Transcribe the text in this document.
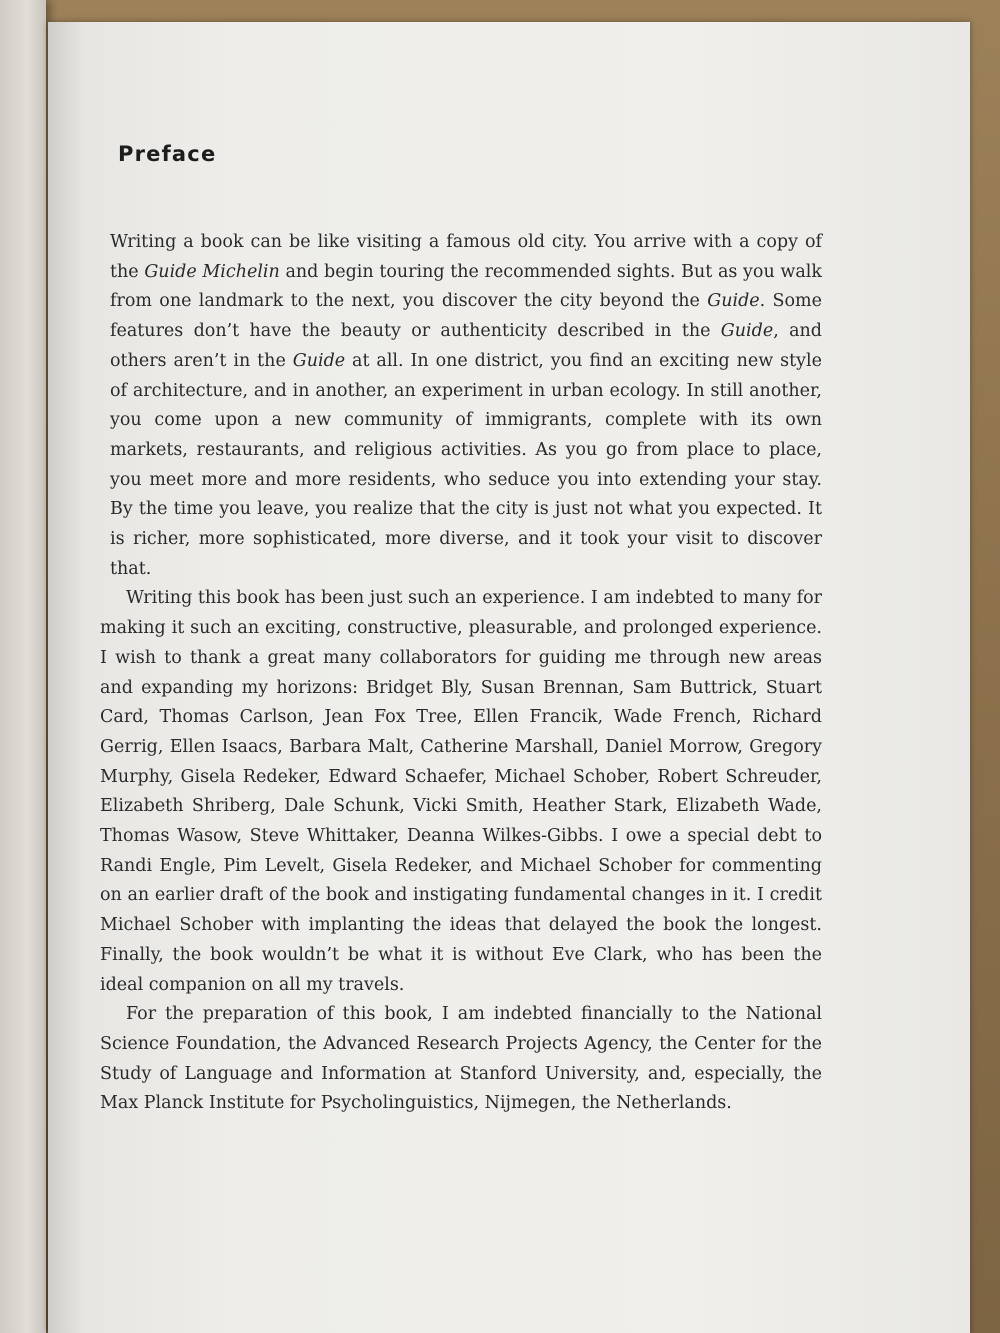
Preface

Writing a book can be like visiting a famous old city. You arrive with a copy of the Guide Michelin and begin touring the recommended sights. But as you walk from one landmark to the next, you discover the city beyond the Guide. Some features don’t have the beauty or authenticity described in the Guide, and others aren’t in the Guide at all. In one district, you find an exciting new style of architecture, and in another, an experiment in urban ecology. In still another, you come upon a new community of immigrants, complete with its own markets, restaurants, and religious activities. As you go from place to place, you meet more and more residents, who seduce you into extending your stay. By the time you leave, you realize that the city is just not what you expected. It is richer, more sophisticated, more diverse, and it took your visit to discover that.

Writing this book has been just such an experience. I am indebted to many for making it such an exciting, constructive, pleasurable, and prolonged experience. I wish to thank a great many collaborators for guiding me through new areas and expanding my horizons: Bridget Bly, Susan Brennan, Sam Buttrick, Stuart Card, Thomas Carlson, Jean Fox Tree, Ellen Francik, Wade French, Richard Gerrig, Ellen Isaacs, Barbara Malt, Catherine Marshall, Daniel Morrow, Gregory Murphy, Gisela Redeker, Edward Schaefer, Michael Schober, Robert Schreuder, Elizabeth Shriberg, Dale Schunk, Vicki Smith, Heather Stark, Elizabeth Wade, Thomas Wasow, Steve Whittaker, Deanna Wilkes-Gibbs. I owe a special debt to Randi Engle, Pim Levelt, Gisela Redeker, and Michael Schober for commenting on an earlier draft of the book and instigating fundamental changes in it. I credit Michael Schober with implanting the ideas that delayed the book the longest. Finally, the book wouldn’t be what it is without Eve Clark, who has been the ideal companion on all my travels.

For the preparation of this book, I am indebted financially to the National Science Foundation, the Advanced Research Projects Agency, the Center for the Study of Language and Information at Stanford University, and, especially, the Max Planck Institute for Psycholinguistics, Nijmegen, the Netherlands.
